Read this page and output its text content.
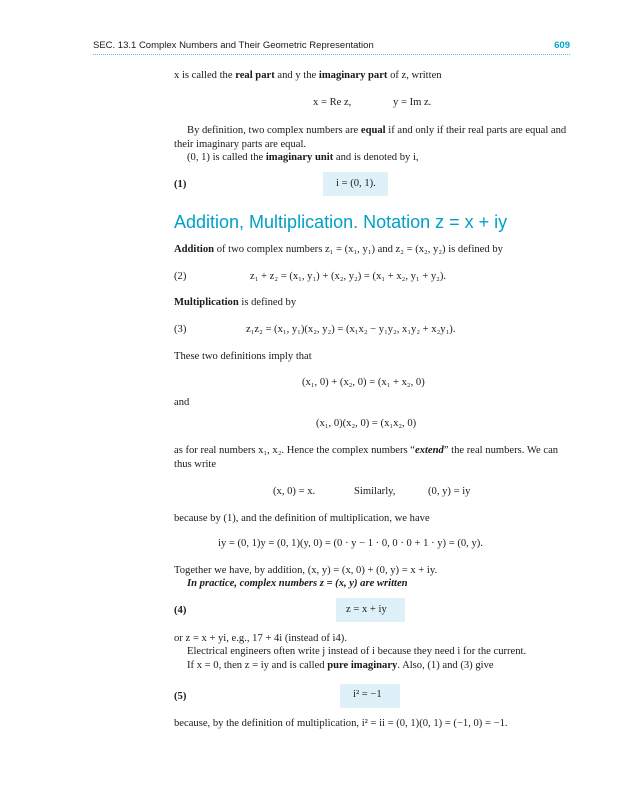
SEC. 13.1 Complex Numbers and Their Geometric Representation	609
x is called the real part and y the imaginary part of z, written
x = Re z,	y = Im z.
By definition, two complex numbers are equal if and only if their real parts are equal and their imaginary parts are equal.
(0, 1) is called the imaginary unit and is denoted by i,
(1)	i = (0, 1).
Addition, Multiplication. Notation z = x + iy
Addition of two complex numbers z₁ = (x₁, y₁) and z₂ = (x₂, y₂) is defined by
(2)	z₁ + z₂ = (x₁, y₁) + (x₂, y₂) = (x₁ + x₂, y₁ + y₂).
Multiplication is defined by
(3)	z₁z₂ = (x₁, y₁)(x₂, y₂) = (x₁x₂ − y₁y₂, x₁y₂ + x₂y₁).
These two definitions imply that
(x₁, 0) + (x₂, 0) = (x₁ + x₂, 0)
and
(x₁, 0)(x₂, 0) = (x₁x₂, 0)
as for real numbers x₁, x₂. Hence the complex numbers “extend” the real numbers. We can thus write
(x, 0) = x.	Similarly,	(0, y) = iy
because by (1), and the definition of multiplication, we have
iy = (0, 1)y = (0, 1)(y, 0) = (0 · y − 1 · 0, 0 · 0 + 1 · y) = (0, y).
Together we have, by addition, (x, y) = (x, 0) + (0, y) = x + iy.
In practice, complex numbers z = (x, y) are written
(4)	z = x + iy
or z = x + yi, e.g., 17 + 4i (instead of i4).
Electrical engineers often write j instead of i because they need i for the current.
If x = 0, then z = iy and is called pure imaginary. Also, (1) and (3) give
(5)	i² = −1
because, by the definition of multiplication, i² = ii = (0, 1)(0, 1) = (−1, 0) = −1.
